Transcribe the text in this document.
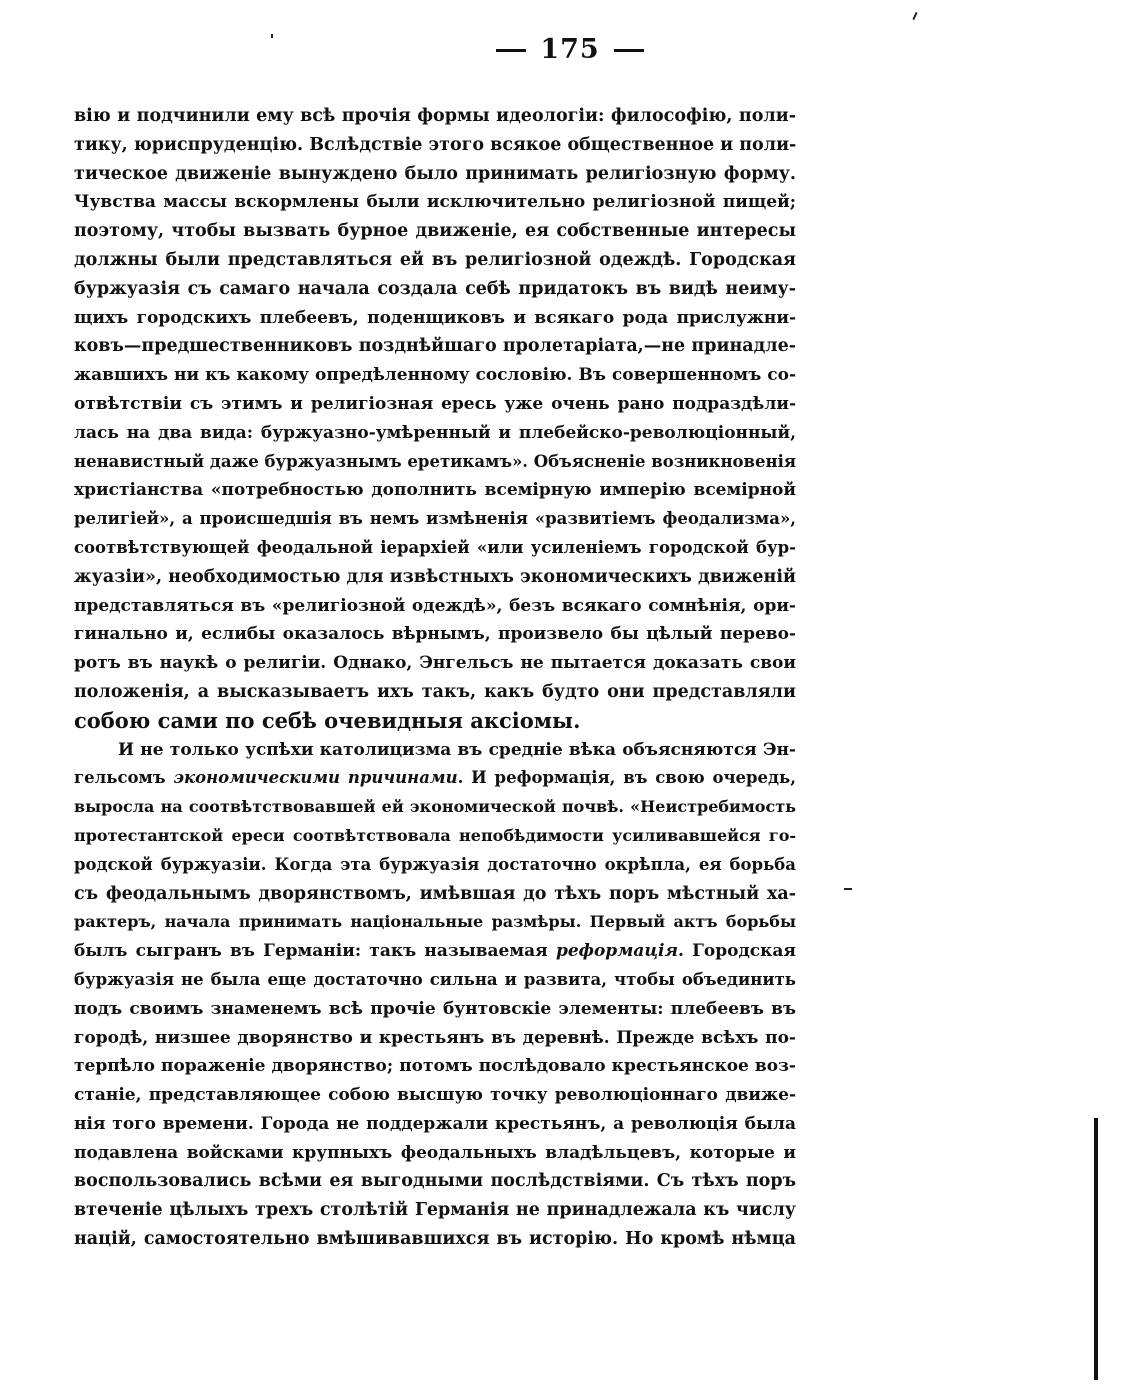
175
вію и подчинили ему всѣ прочія формы идеологіи: философію, поли-
тику, юриспруденцію. Вслѣдствіе этого всякое общественное и поли-
тическое движеніе вынуждено было принимать религіозную форму.
Чувства массы вскормлены были исключительно религіозной пищей;
поэтому, чтобы вызвать бурное движеніе, ея собственные интересы
должны были представляться ей въ религіозной одеждѣ. Городская
буржуазія съ самаго начала создала себѣ придатокъ въ видѣ неиму-
щихъ городскихъ плебеевъ, поденщиковъ и всякаго рода прислужни-
ковъ—предшественниковъ позднѣйшаго пролетаріата,—не принадле-
жавшихъ ни къ какому опредѣленному сословію. Въ совершенномъ со-
отвѣтствіи съ этимъ и религіозная ересь уже очень рано подраздѣли-
лась на два вида: буржуазно-умѣренный и плебейско-революціонный,
ненавистный даже буржуазнымъ еретикамъ». Объясненіе возникновенія
христіанства «потребностью дополнить всемірную имперію всемірной
религіей», а происшедшія въ немъ измѣненія «развитіемъ феодализма»,
соотвѣтствующей феодальной іерархіей «или усиленіемъ городской бур-
жуазіи», необходимостью для извѣстныхъ экономическихъ движеній
представляться въ «религіозной одеждѣ», безъ всякаго сомнѣнія, ори-
гинально и, еслибы оказалось вѣрнымъ, произвело бы цѣлый перево-
ротъ въ наукѣ о религіи. Однако, Энгельсъ не пытается доказать свои
положенія, а высказываетъ ихъ такъ, какъ будто они представляли
собою сами по себѣ очевидныя аксіомы.
И не только успѣхи католицизма въ средніе вѣка объясняются Эн-
гельсомъ экономическими причинами. И реформація, въ свою очередь,
выросла на соотвѣтствовавшей ей экономической почвѣ. «Неистребимость
протестантской ереси соотвѣтствовала непобѣдимости усиливавшейся го-
родской буржуазіи. Когда эта буржуазія достаточно окрѣпла, ея борьба
съ феодальнымъ дворянствомъ, имѣвшая до тѣхъ поръ мѣстный ха-
рактеръ, начала принимать національные размѣры. Первый актъ борьбы
былъ сыгранъ въ Германіи: такъ называемая реформація. Городская
буржуазія не была еще достаточно сильна и развита, чтобы объединить
подъ своимъ знаменемъ всѣ прочіе бунтовскіе элементы: плебеевъ въ
городѣ, низшее дворянство и крестьянъ въ деревнѣ. Прежде всѣхъ по-
терпѣло пораженіе дворянство; потомъ послѣдовало крестьянское воз-
станіе, представляющее собою высшую точку революціоннаго движе-
нія того времени. Города не поддержали крестьянъ, а революція была
подавлена войсками крупныхъ феодальныхъ владѣльцевъ, которые и
воспользовались всѣми ея выгодными послѣдствіями. Съ тѣхъ поръ
втеченіе цѣлыхъ трехъ столѣтій Германія не принадлежала къ числу
націй, самостоятельно вмѣшивавшихся въ исторію. Но кромѣ нѣмца
